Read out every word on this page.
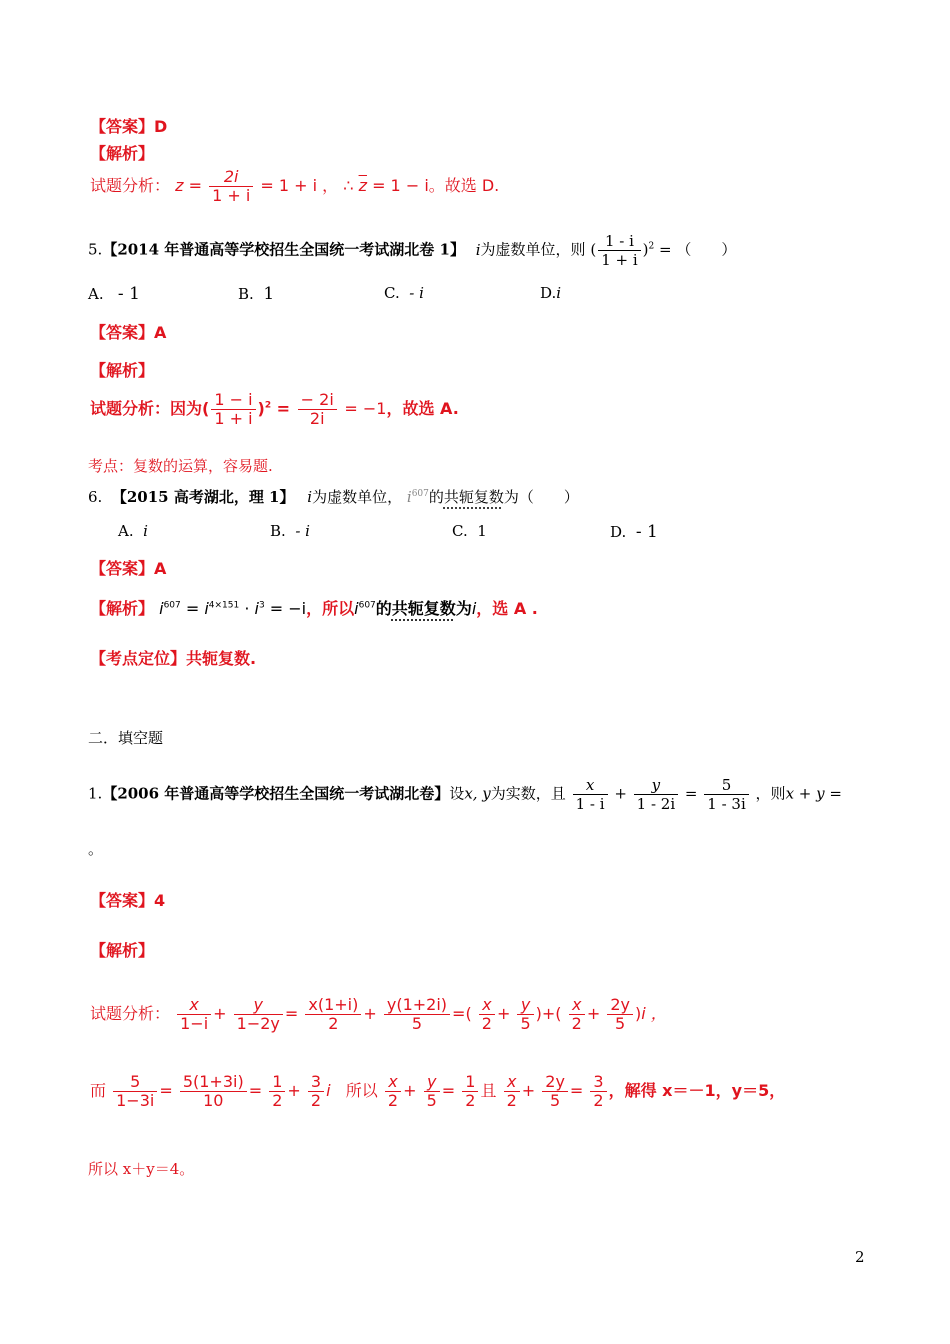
【答案】D
【解析】
试题分析： $z = \frac{2i}{1 + i} = 1 + i$ ， ∴ $\overline{z} = 1 - i$。故选 D.
5.【2014 年普通高等学校招生全国统一考试湖北卷 1】 i为虚数单位，则 ( $\frac{1 - i}{1 + i} )^2$ = （　　）
A. - 1	B. 1	C. - i	D.i
【答案】A
【解析】
试题分析：因为( $\frac{1 - i}{1 + i} )^2 = \frac{- 2i}{2i} = -1$，故选 A.
考点：复数的运算，容易题.
6. 【2015 高考湖北，理 1】 i为虚数单位， $i^{607}$的共轭复数为（　　）
A. i	B. - i	C. 1	D. - 1
【答案】A
【解析】 $i^{607} = i^{4\times 151} \cdot i^3 = -i$，所以$i^{607}$的共轭复数为i，选 A .
【考点定位】共轭复数.
二．填空题
1.【2006 年普通高等学校招生全国统一考试湖北卷】设x, y为实数，且 $\frac{x}{1 - i} + \frac{y}{1 - 2i} = \frac{5}{1 - 3i}$ ，则x + y =
。
【答案】4
【解析】
试题分析： $\frac{x}{1-i} + \frac{y}{1-2y} = \frac{x(1+i)}{2} + \frac{y(1+2i)}{5}$ =( $\frac{x}{2} + \frac{y}{5}$ )+( $\frac{x}{2} + \frac{2y}{5} )i$ ，
而 $\frac{5}{1-3i} = \frac{5(1+3i)}{10} = \frac{1}{2} + \frac{3}{2}$ i 所以 $\frac{x}{2} + \frac{y}{5} = \frac{1}{2}$ 且 $\frac{x}{2} + \frac{2y}{5} = \frac{3}{2}$ ，解得 x＝－1，y＝5，
所以 x＋y＝4。
2
